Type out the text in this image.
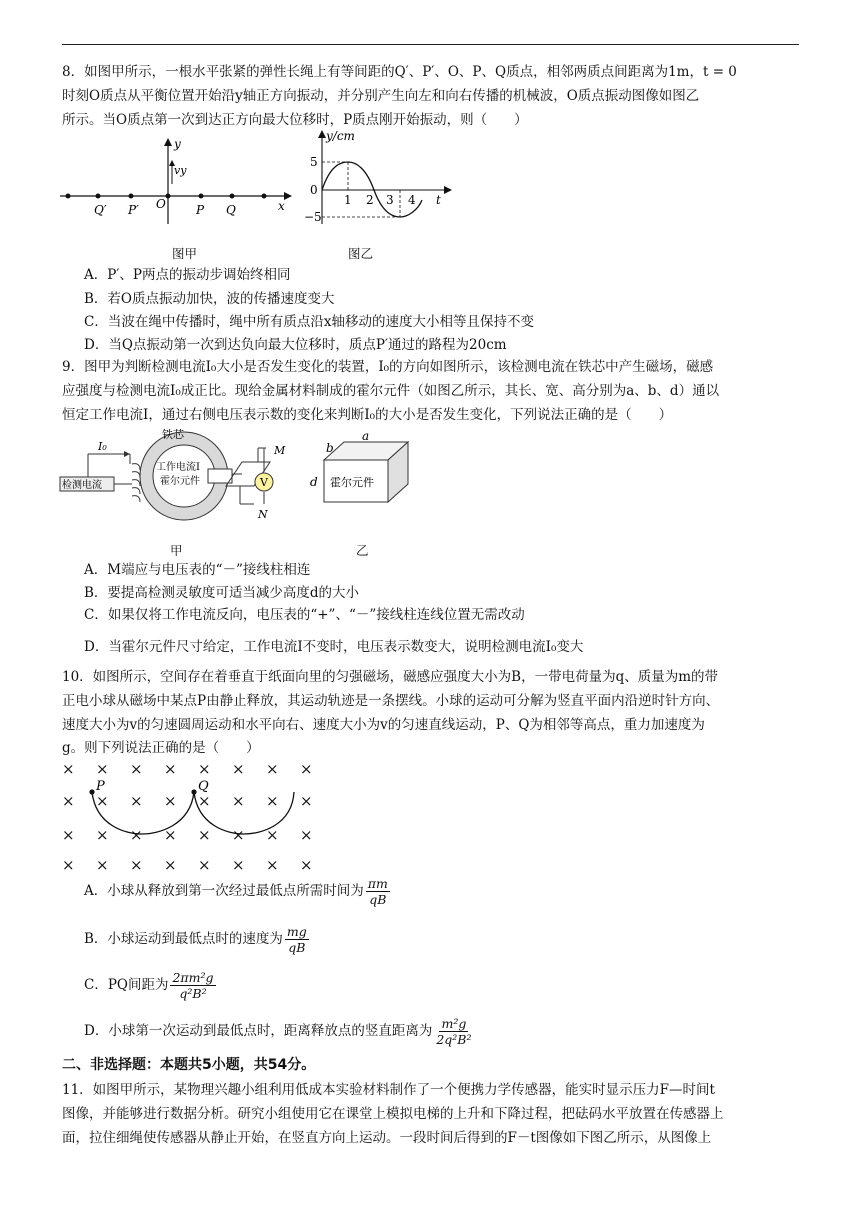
8．如图甲所示，一根水平张紧的弹性长绳上有等间距的Q′、P′、O、P、Q质点，相邻两质点间距离为1m，t = 0
时刻O质点从平衡位置开始沿y轴正方向振动，并分别产生向左和向右传播的机械波，O质点振动图像如图乙
所示。当O质点第一次到达正方向最大位移时，P质点刚开始振动，则（　　）
Q′ P′ O	P Q	x
y
vy
图甲
y/cm
5
0
−5
1 2 3 4 t
图乙
A．P′、P两点的振动步调始终相同
B．若O质点振动加快，波的传播速度变大
C．当波在绳中传播时，绳中所有质点沿x轴移动的速度大小相等且保持不变
D．当Q点振动第一次到达负向最大位移时，质点P′通过的路程为20cm
9．图甲为判断检测电流I₀大小是否发生变化的装置，I₀的方向如图所示，该检测电流在铁芯中产生磁场，磁感
应强度与检测电流I₀成正比。现给金属材料制成的霍尔元件（如图乙所示，其长、宽、高分别为a、b、d）通以
恒定工作电流I，通过右侧电压表示数的变化来判断I₀的大小是否发生变化，下列说法正确的是（　　）
V
铁芯
检测电流
I₀
工作电流I
霍尔元件
M
N
甲
a
b
d 霍尔元件
乙
A．M端应与电压表的“－”接线柱相连
B．要提高检测灵敏度可适当减少高度d的大小
C．如果仅将工作电流反向，电压表的“+”、“－”接线柱连线位置无需改动
D．当霍尔元件尺寸给定，工作电流I不变时，电压表示数变大，说明检测电流I₀变大
10．如图所示，空间存在着垂直于纸面向里的匀强磁场，磁感应强度大小为B，一带电荷量为q、质量为m的带
正电小球从磁场中某点P由静止释放，其运动轨迹是一条摆线。小球的运动可分解为竖直平面内沿逆时针方向、
速度大小为v的匀速圆周运动和水平向右、速度大小为v的匀速直线运动，P、Q为相邻等高点，重力加速度为
g。则下列说法正确的是（　　）
× × × × × × × ×
× × × × × × × ×
× × × × × × × ×
× × × × × × × ×
P	Q
A．小球从释放到第一次经过最低点所需时间为 $\frac{\pi m}{qB}$
B．小球运动到最低点时的速度为 $\frac{mg}{qB}$
C．PQ间距为 $\frac{\text{2πm²g}}{\text{q²B²}}$
D．小球第一次运动到最低点时，距离释放点的竖直距离为 $\frac{\text{m²g}}{\text{2q²B²}}$
二、非选择题：本题共5小题，共54分。
11．如图甲所示，某物理兴趣小组利用低成本实验材料制作了一个便携力学传感器，能实时显示压力F—时间t
图像，并能够进行数据分析。研究小组使用它在课堂上模拟电梯的上升和下降过程，把砝码水平放置在传感器上
面，拉住细绳使传感器从静止开始，在竖直方向上运动。一段时间后得到的F－t图像如下图乙所示，从图像上
